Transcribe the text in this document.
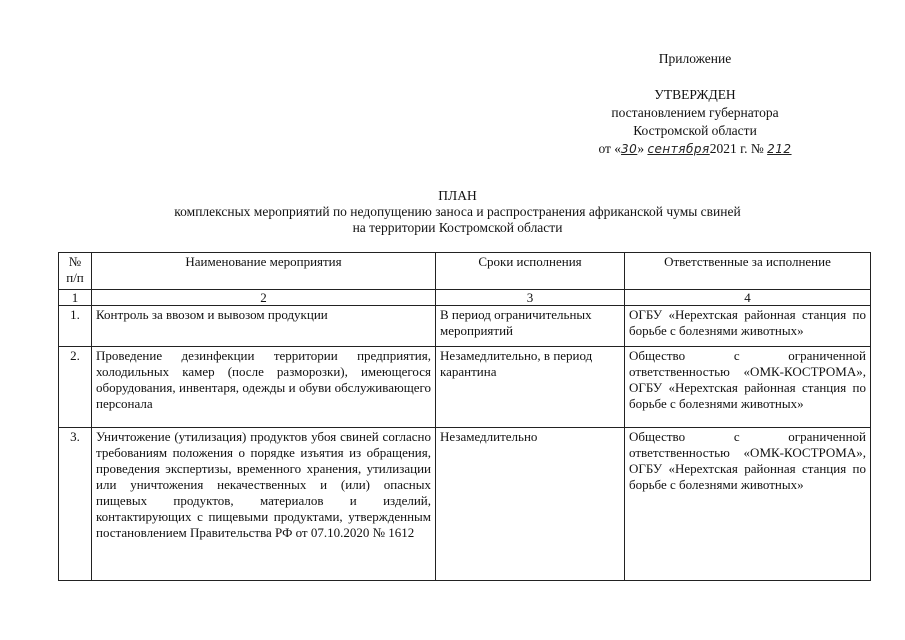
Приложение
УТВЕРЖДЕН
постановлением губернатора
Костромской области
от «30» сентября2021 г. № 212
ПЛАН
комплексных мероприятий по недопущению заноса и распространения африканской чумы свиней
на территории Костромской области
№ п/п	Наименование мероприятия	Сроки исполнения	Ответственные за исполнение
1	2	3	4
1.	Контроль за ввозом и вывозом продукции	В период ограничительных мероприятий	ОГБУ «Нерехтская районная станция по борьбе с болезнями животных»
2.	Проведение дезинфекции территории предприятия, холодильных камер (после разморозки), имеющегося оборудования, инвентаря, одежды и обуви обслуживающего персонала	Незамедлительно, в период карантина	Общество с ограниченной ответственностью «ОМК-КОСТРОМА», ОГБУ «Нерехтская районная станция по борьбе с болезнями животных»
3.	Уничтожение (утилизация) продуктов убоя свиней согласно требованиям положения о порядке изъятия из обращения, проведения экспертизы, временного хранения, утилизации или уничтожения некачественных и (или) опасных пищевых продуктов, материалов и изделий, контактирующих с пищевыми продуктами, утвержденным постановлением Правительства РФ от 07.10.2020 № 1612	Незамедлительно	Общество с ограниченной ответственностью «ОМК-КОСТРОМА», ОГБУ «Нерехтская районная станция по борьбе с болезнями животных»
